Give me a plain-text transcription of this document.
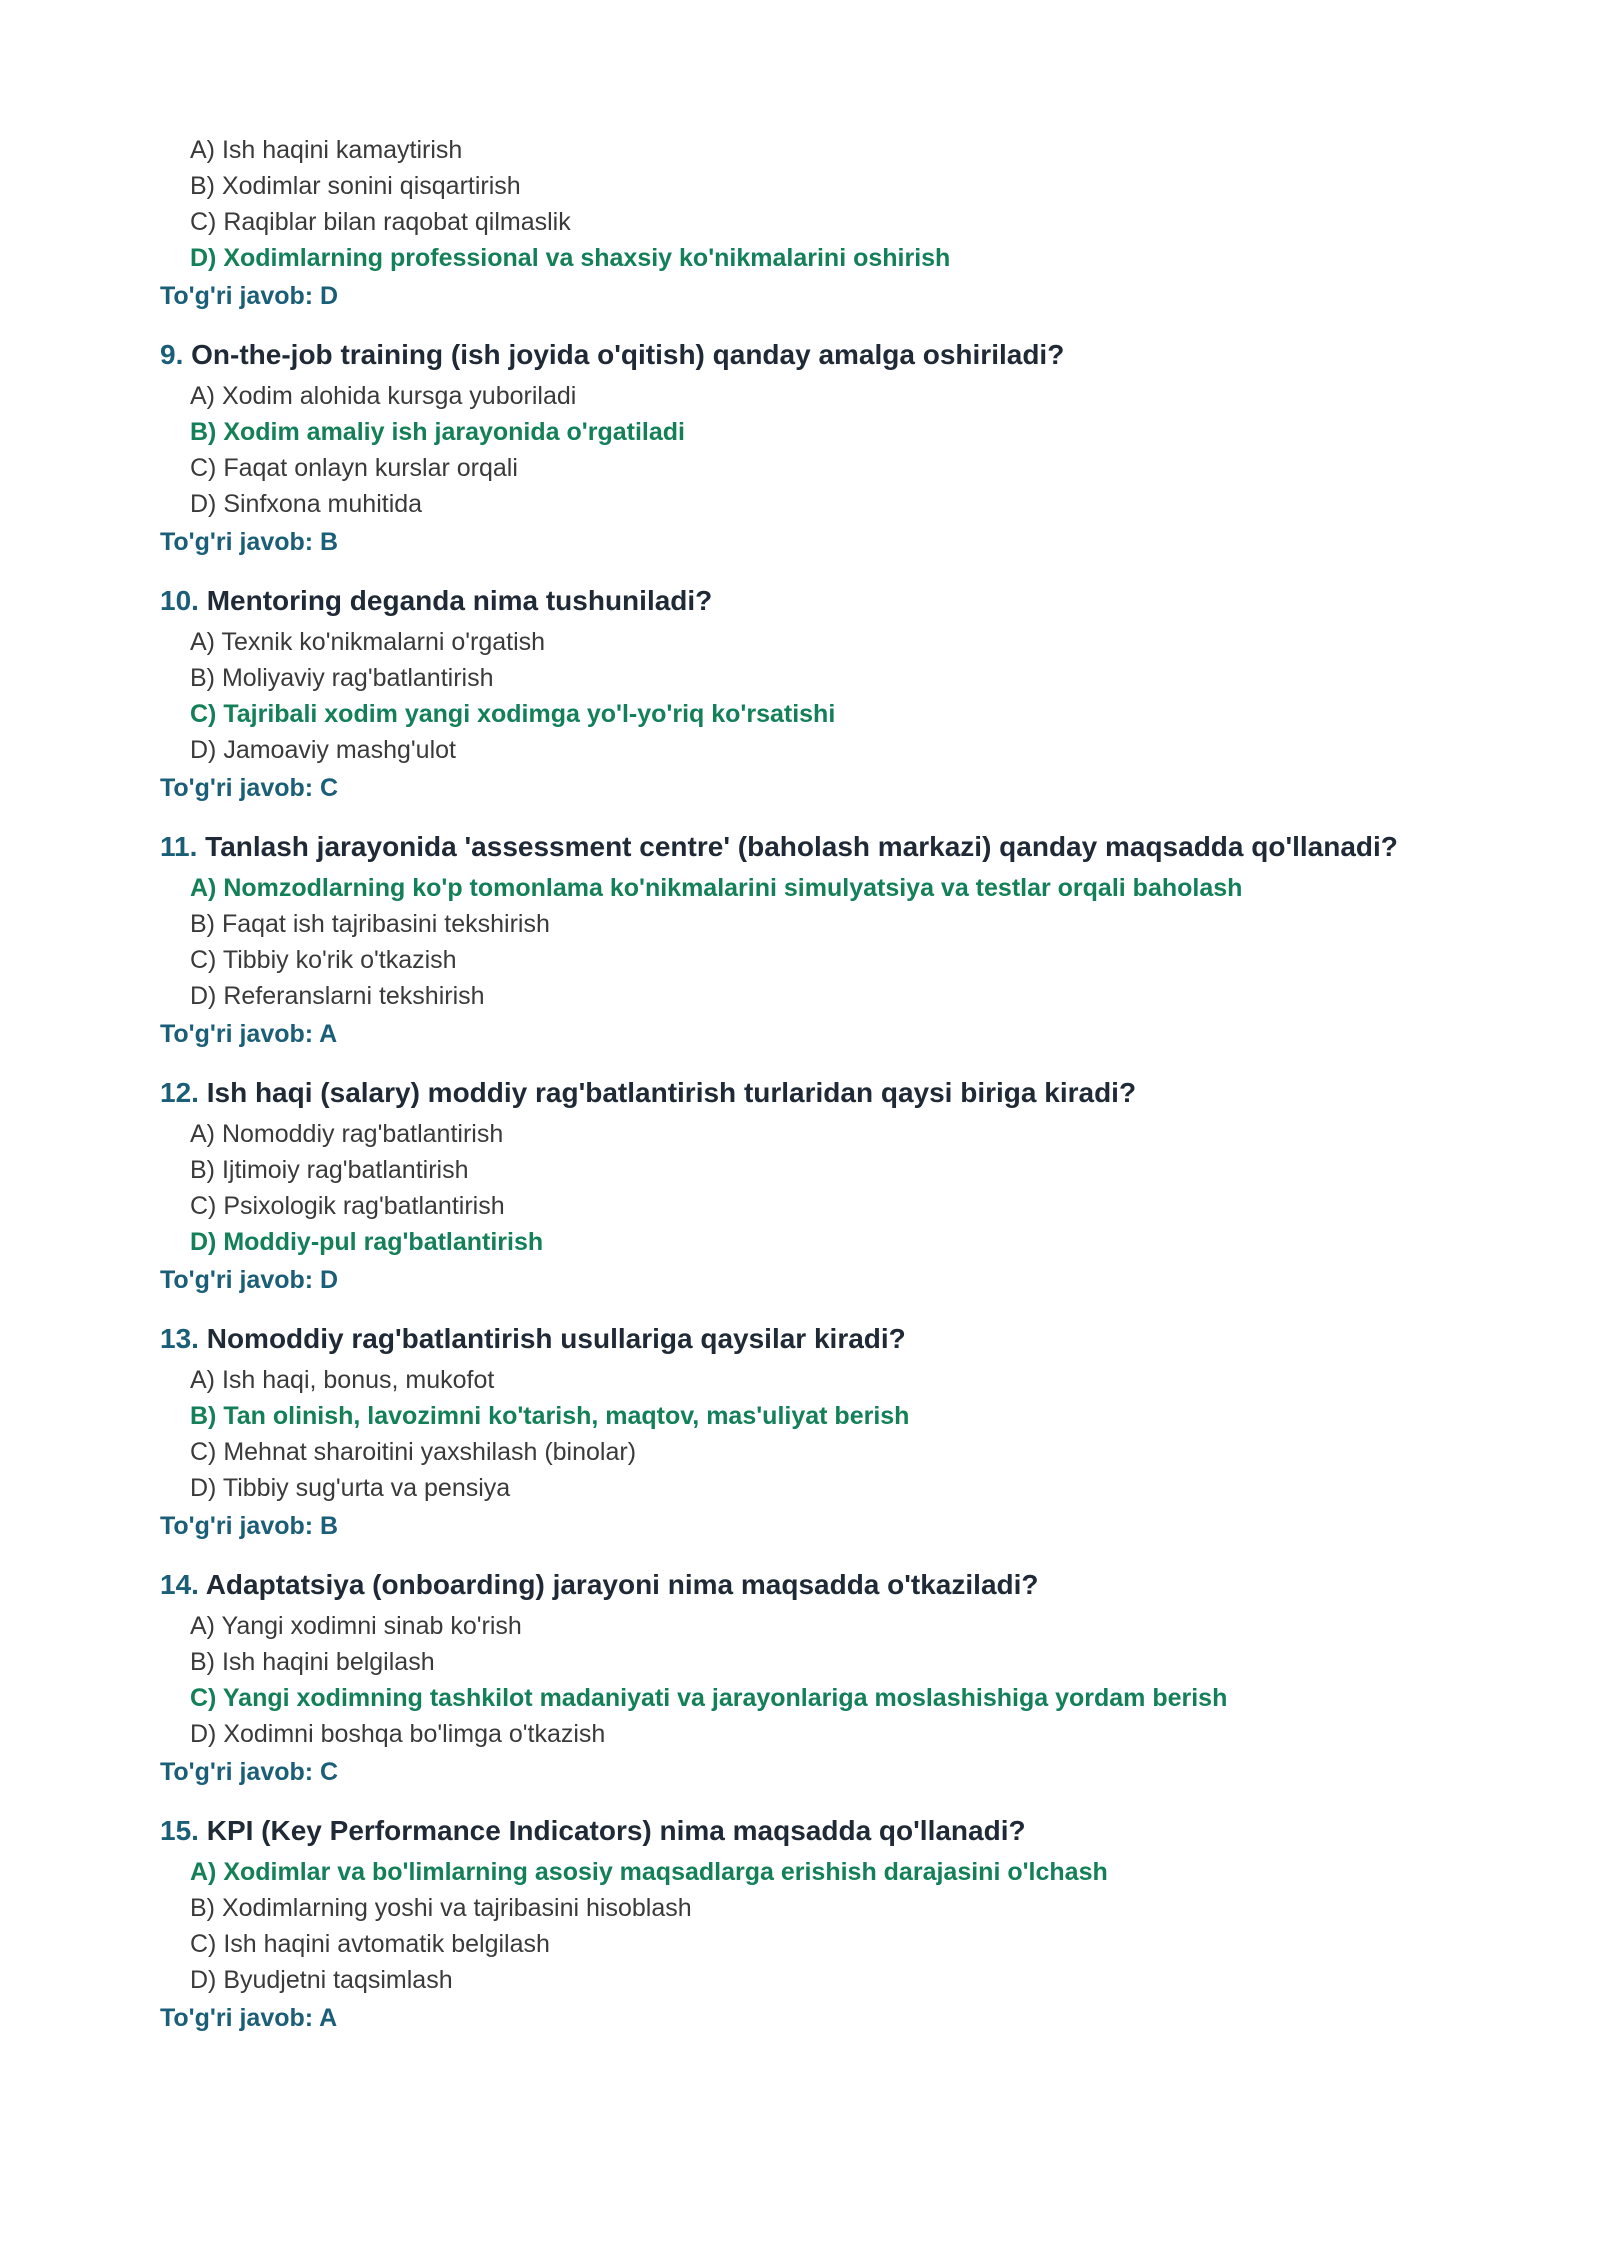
A) Ish haqini kamaytirish
B) Xodimlar sonini qisqartirish
C) Raqiblar bilan raqobat qilmaslik
D) Xodimlarning professional va shaxsiy ko'nikmalarini oshirish
To'g'ri javob: D
9. On-the-job training (ish joyida o'qitish) qanday amalga oshiriladi?
A) Xodim alohida kursga yuboriladi
B) Xodim amaliy ish jarayonida o'rgatiladi
C) Faqat onlayn kurslar orqali
D) Sinfxona muhitida
To'g'ri javob: B
10. Mentoring deganda nima tushuniladi?
A) Texnik ko'nikmalarni o'rgatish
B) Moliyaviy rag'batlantirish
C) Tajribali xodim yangi xodimga yo'l-yo'riq ko'rsatishi
D) Jamoaviy mashg'ulot
To'g'ri javob: C
11. Tanlash jarayonida 'assessment centre' (baholash markazi) qanday maqsadda qo'llanadi?
A) Nomzodlarning ko'p tomonlama ko'nikmalarini simulyatsiya va testlar orqali baholash
B) Faqat ish tajribasini tekshirish
C) Tibbiy ko'rik o'tkazish
D) Referanslarni tekshirish
To'g'ri javob: A
12. Ish haqi (salary) moddiy rag'batlantirish turlaridan qaysi biriga kiradi?
A) Nomoddiy rag'batlantirish
B) Ijtimoiy rag'batlantirish
C) Psixologik rag'batlantirish
D) Moddiy-pul rag'batlantirish
To'g'ri javob: D
13. Nomoddiy rag'batlantirish usullariga qaysilar kiradi?
A) Ish haqi, bonus, mukofot
B) Tan olinish, lavozimni ko'tarish, maqtov, mas'uliyat berish
C) Mehnat sharoitini yaxshilash (binolar)
D) Tibbiy sug'urta va pensiya
To'g'ri javob: B
14. Adaptatsiya (onboarding) jarayoni nima maqsadda o'tkaziladi?
A) Yangi xodimni sinab ko'rish
B) Ish haqini belgilash
C) Yangi xodimning tashkilot madaniyati va jarayonlariga moslashishiga yordam berish
D) Xodimni boshqa bo'limga o'tkazish
To'g'ri javob: C
15. KPI (Key Performance Indicators) nima maqsadda qo'llanadi?
A) Xodimlar va bo'limlarning asosiy maqsadlarga erishish darajasini o'lchash
B) Xodimlarning yoshi va tajribasini hisoblash
C) Ish haqini avtomatik belgilash
D) Byudjetni taqsimlash
To'g'ri javob: A
